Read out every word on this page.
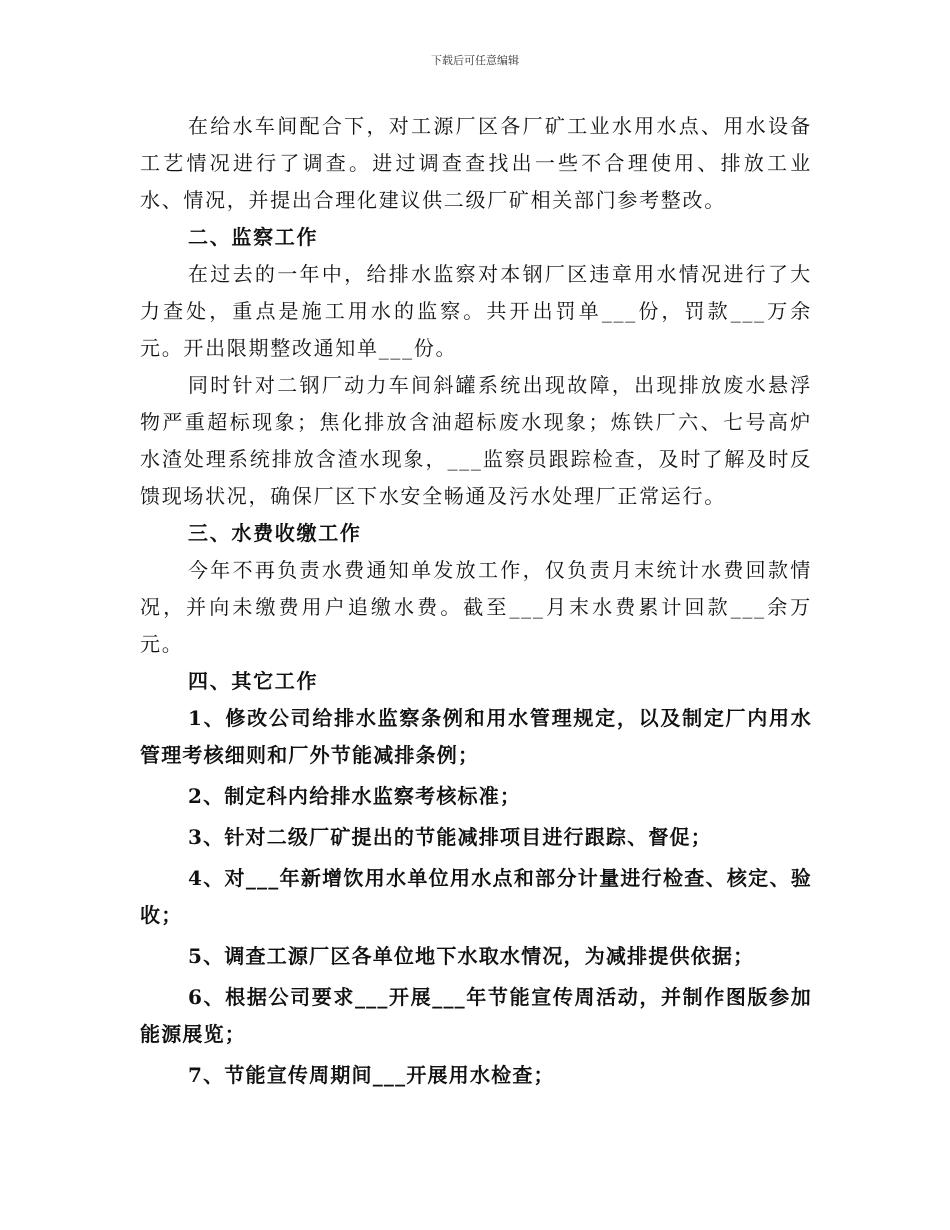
下载后可任意编辑

在给水车间配合下，对工源厂区各厂矿工业水用水点、用水设备工艺情况进行了调查。进过调查查找出一些不合理使用、排放工业水、情况，并提出合理化建议供二级厂矿相关部门参考整改。

二、监察工作

在过去的一年中，给排水监察对本钢厂区违章用水情况进行了大力查处，重点是施工用水的监察。共开出罚单___份，罚款___万余元。开出限期整改通知单___份。

同时针对二钢厂动力车间斜罐系统出现故障，出现排放废水悬浮物严重超标现象；焦化排放含油超标废水现象；炼铁厂六、七号高炉水渣处理系统排放含渣水现象，___监察员跟踪检查，及时了解及时反馈现场状况，确保厂区下水安全畅通及污水处理厂正常运行。

三、水费收缴工作

今年不再负责水费通知单发放工作，仅负责月末统计水费回款情况，并向未缴费用户追缴水费。截至___月末水费累计回款___余万元。

四、其它工作

1、修改公司给排水监察条例和用水管理规定，以及制定厂内用水管理考核细则和厂外节能减排条例；

2、制定科内给排水监察考核标准；

3、针对二级厂矿提出的节能减排项目进行跟踪、督促；

4、对___年新增饮用水单位用水点和部分计量进行检查、核定、验收；

5、调查工源厂区各单位地下水取水情况，为减排提供依据；

6、根据公司要求___开展___年节能宣传周活动，并制作图版参加能源展览；

7、节能宣传周期间___开展用水检查；
